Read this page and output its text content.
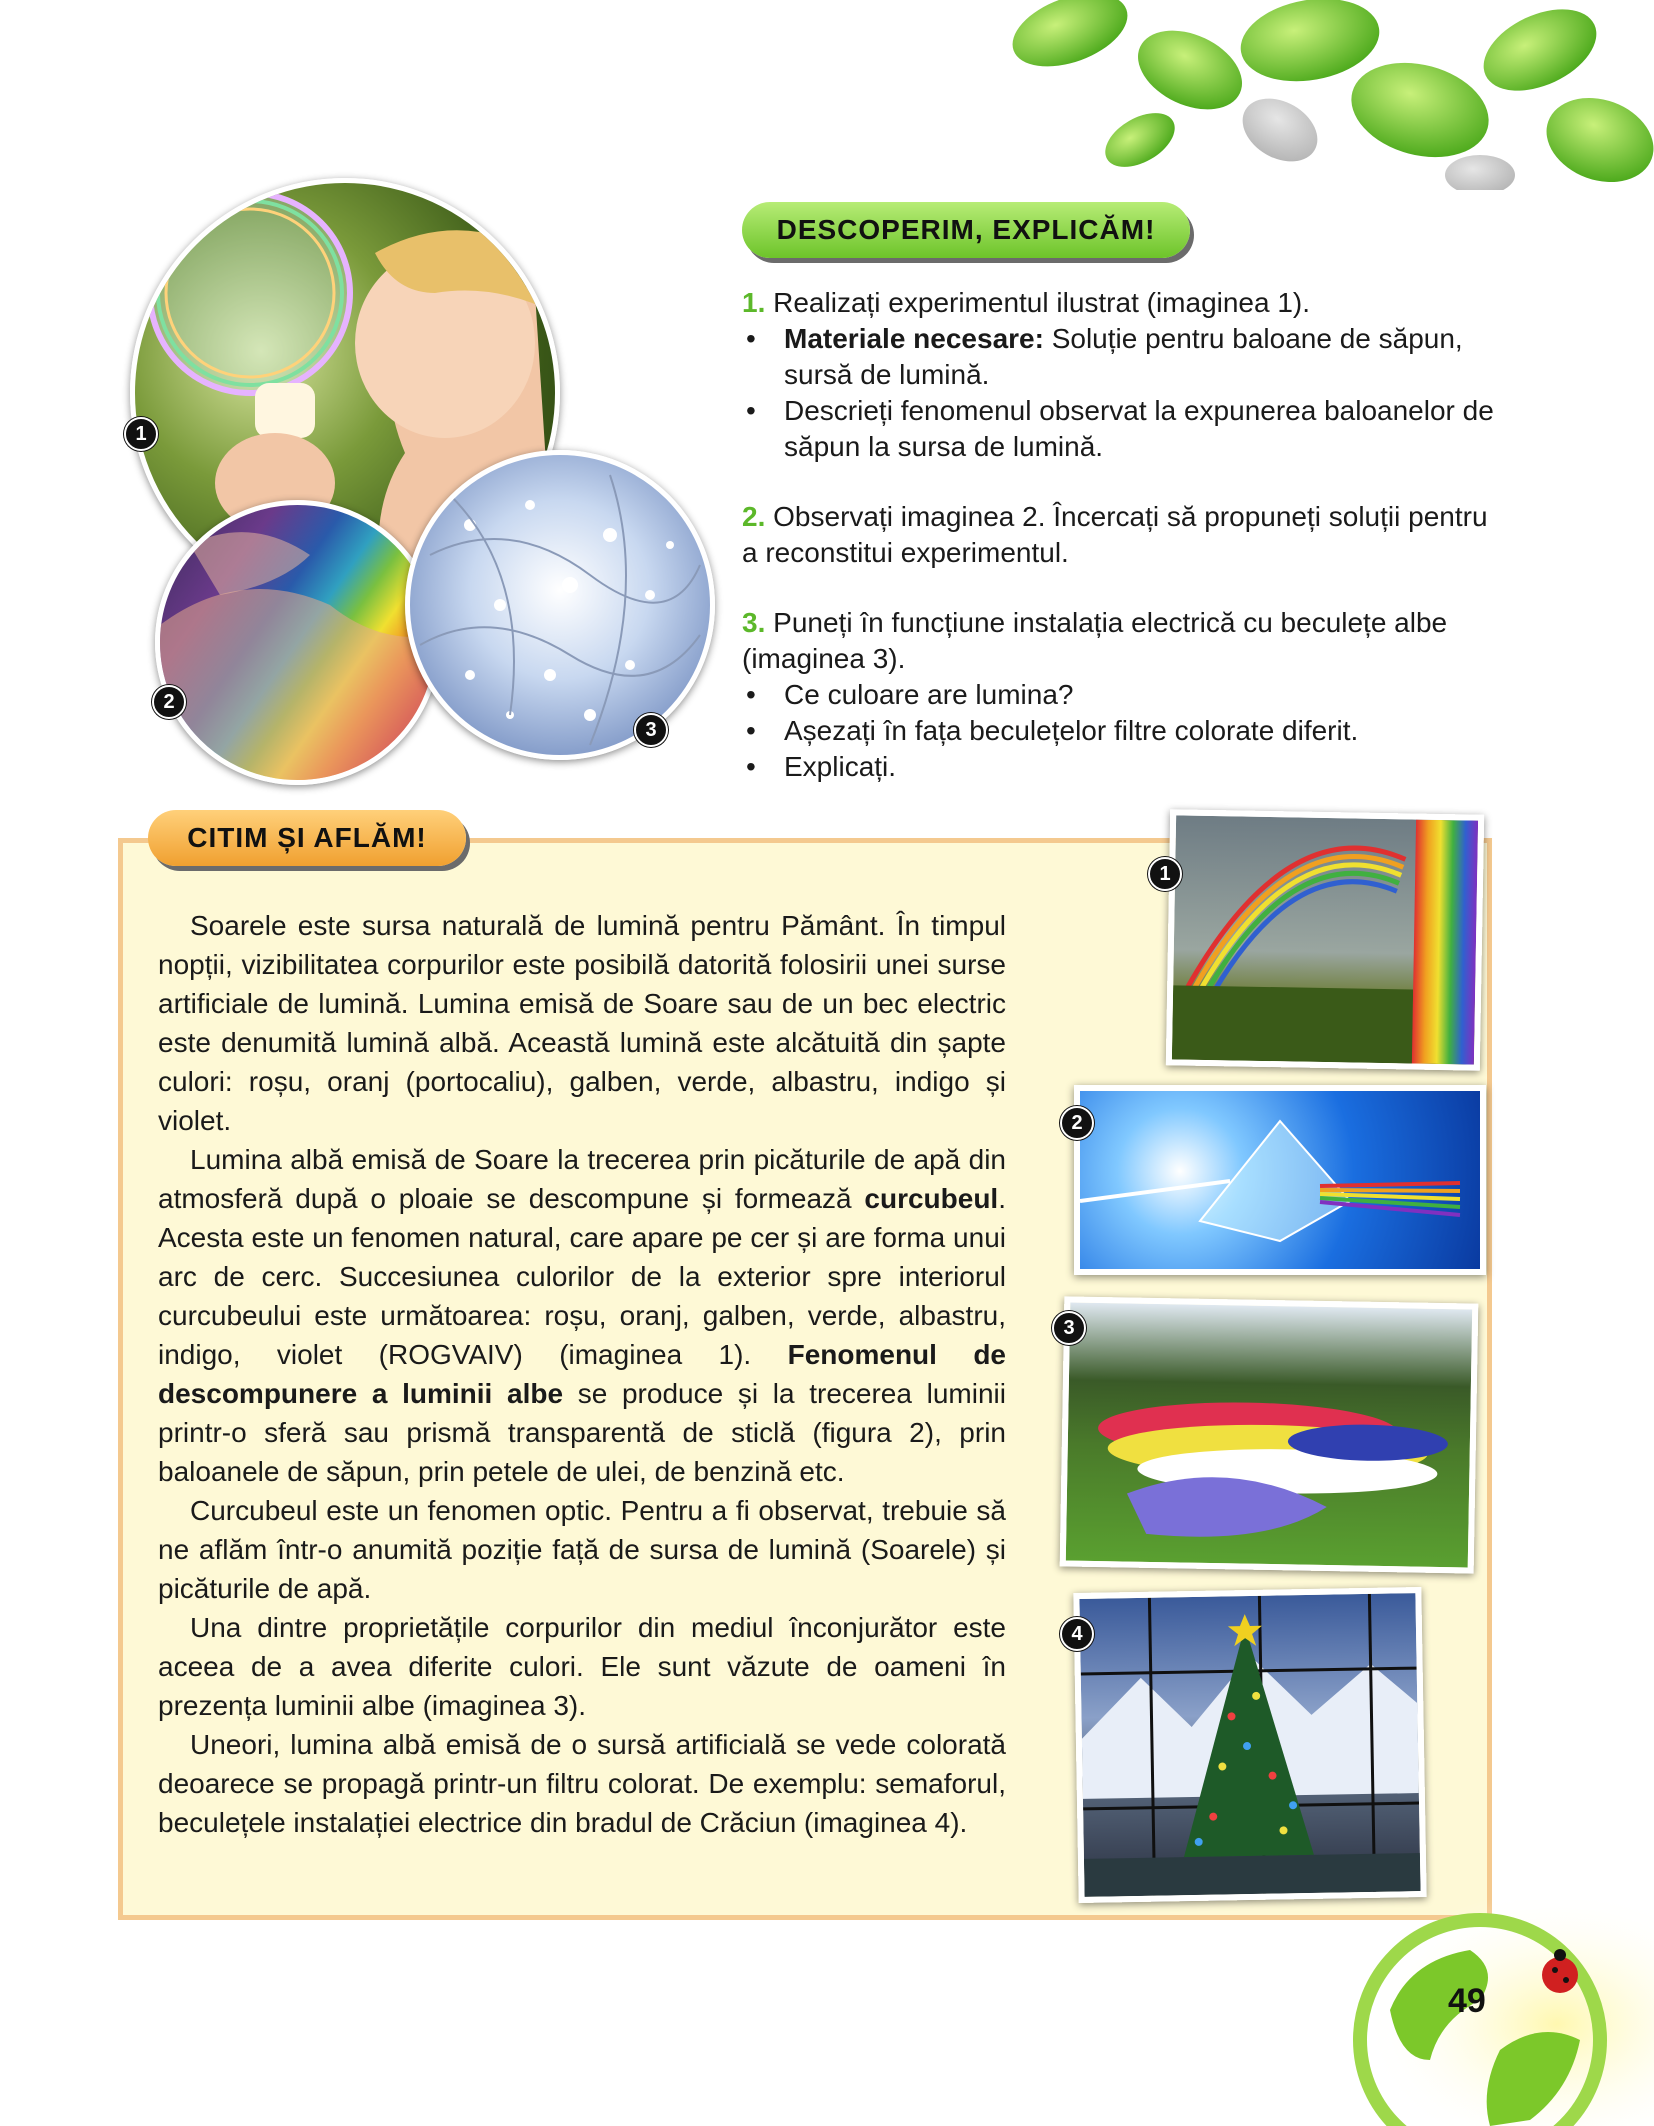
1
2
3
DESCOPERIM, EXPLICĂM!

1. Realizați experimentul ilustrat (imaginea 1).

• Materiale necesare: Soluție pentru baloane de săpun, sursă de lumină.

• Descrieți fenomenul observat la expunerea baloanelor de săpun la sursa de lumină.

2. Observați imaginea 2. Încercați să propuneți soluții pentru a reconstitui experimentul.

3. Puneți în funcțiune instalația electrică cu beculețe albe (imaginea 3).

• Ce culoare are lumina?

• Așezați în fața beculețelor filtre colorate diferit.

• Explicați.

CITIM ȘI AFLĂM!

Soarele este sursa naturală de lumină pentru Pământ. În timpul nopții, vizibilitatea corpurilor este posibilă datorită folosirii unei surse artificiale de lumină. Lumina emisă de Soare sau de un bec electric este denumită lumină albă. Această lumină este alcătuită din șapte culori: roșu, oranj (portocaliu), galben, verde, albastru, indigo și violet.

Lumina albă emisă de Soare la trecerea prin picăturile de apă din atmosferă după o ploaie se descompune și formează curcubeul. Acesta este un fenomen natural, care apare pe cer și are forma unui arc de cerc. Succesiunea culorilor de la exterior spre interiorul curcubeului este următoarea: roșu, oranj, galben, verde, albastru, indigo, violet (ROGVAIV) (imaginea 1). Fenomenul de descompunere a luminii albe se produce și la trecerea luminii printr-o sferă sau prismă transparentă de sticlă (figura 2), prin baloanele de săpun, prin petele de ulei, de benzină etc.

Curcubeul este un fenomen optic. Pentru a fi observat, trebuie să ne aflăm într-o anumită poziție față de sursa de lumină (Soarele) și picăturile de apă.

Una dintre proprietățile corpurilor din mediul înconjurător este aceea de a avea diferite culori. Ele sunt văzute de oameni în prezența luminii albe (imaginea 3).

Uneori, lumina albă emisă de o sursă artificială se vede colorată deoarece se propagă printr-un filtru colorat. De exemplu: semaforul, beculețele instalației electrice din bradul de Crăciun (imaginea 4).

1
2
3
4
49
